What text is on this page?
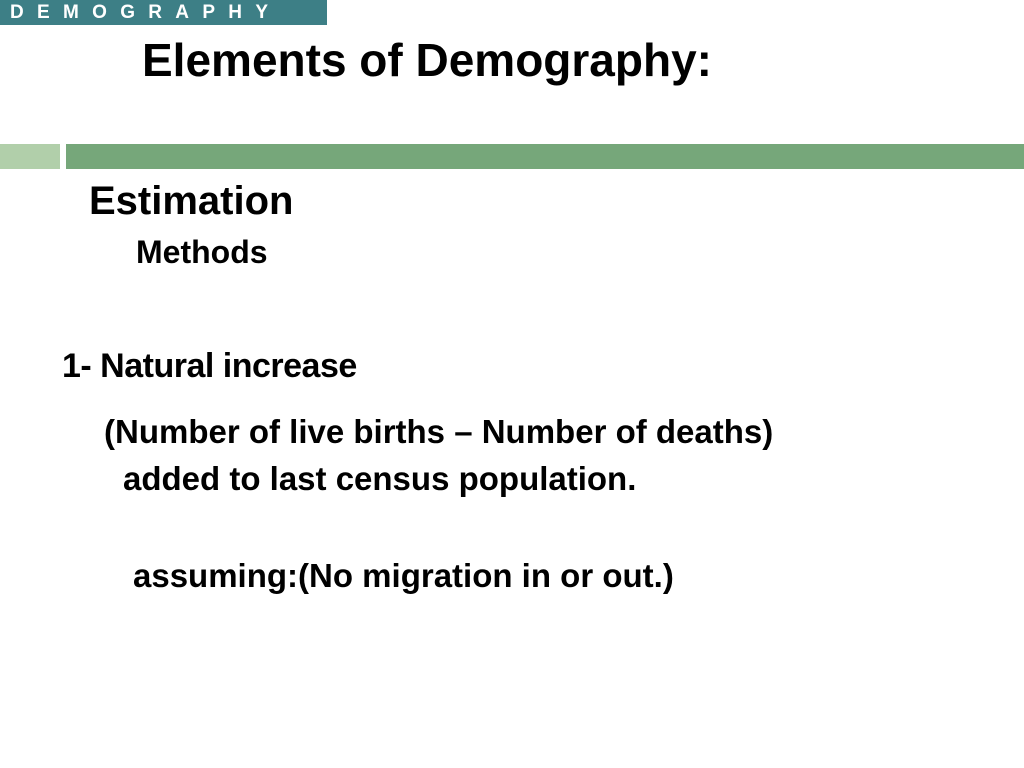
DEMOGRAPHY
Elements of Demography:
Estimation
Methods
1- Natural increase
(Number of live births – Number of deaths)
added to last census population.
assuming:(No migration in or out.)
